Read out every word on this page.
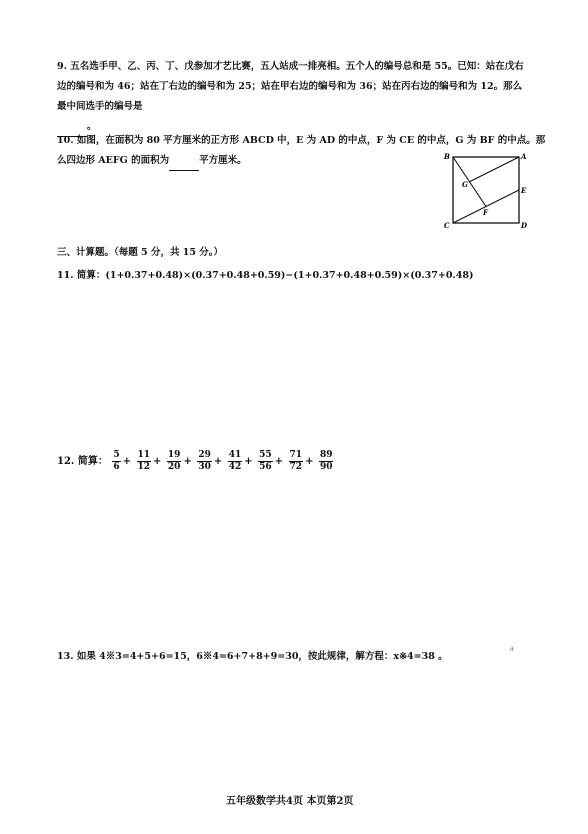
9. 五名选手甲、乙、丙、丁、戊参加才艺比赛，五人站成一排亮相。五个人的编号总和是 55。已知：站在戊右边的编号和为 46；站在丁右边的编号和为 25；站在甲右边的编号和为 36；站在丙右边的编号和为 12。那么最中间选手的编号是
。
10. 如图，在面积为 80 平方厘米的正方形 ABCD 中，E 为 AD 的中点，F 为 CE 的中点，G 为 BF 的中点。那么四边形 AEFG 的面积为	平方厘米。	B	A
G
E
F
C	D
三、计算题。（每题 5 分，共 15 分。）
11. 简算：(1+0.37+0.48)×(0.37+0.48+0.59)−(1+0.37+0.48+0.59)×(0.37+0.48)
12. 简算： $\frac{5}{6} + \frac{11}{12} + \frac{19}{20} + \frac{29}{30} + \frac{41}{42} + \frac{55}{56} + \frac{71}{72} + \frac{89}{90}$
∂
13. 如果 4※3=4+5+6=15，6※4=6+7+8+9=30，按此规律，解方程：x※4=38 。
五年级数学共4页 本页第2页
